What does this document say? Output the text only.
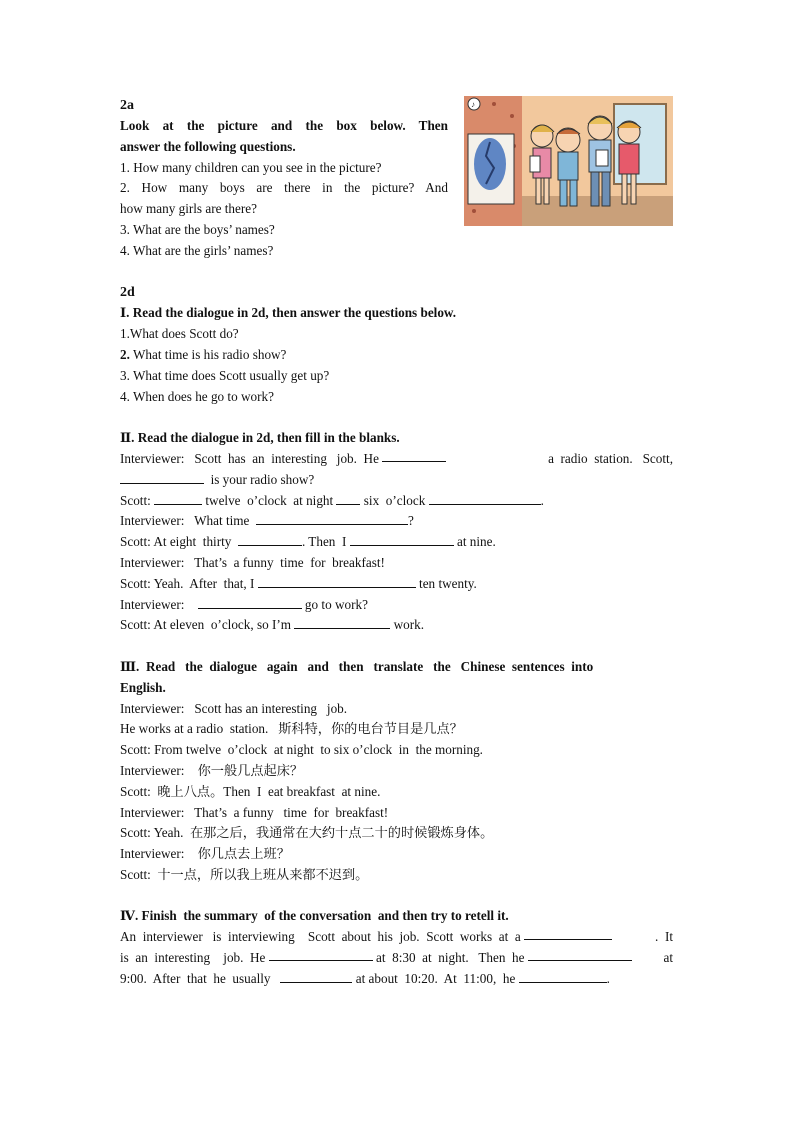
♪
2a
Look at the picture and the box below. Then
answer the following questions.
1. How many children can you see in the picture?
2. How many boys are there in the picture? And
how many girls are there?
3. What are the boys’ names?
4. What are the girls’ names?
2d
Ⅰ. Read the dialogue in 2d, then answer the questions below.
1.What does Scott do?
2. What time is his radio show?
3. What time does Scott usually get up?
4. When does he go to work?
Ⅱ. Read the dialogue in 2d, then fill in the blanks.
Interviewer:   Scott  has  an  interesting   job.  He	a  radio  station.   Scott,
is your radio show?
Scott:	twelve  o’clock  at night  six  o’clock	.
Interviewer:   What time	?
Scott: At eight  thirty	. Then  I	at nine.
Interviewer:   That’s  a funny  time  for  breakfast!
Scott: Yeah.  After  that, I	ten twenty.
Interviewer:	go to work?
Scott: At eleven  o’clock, so I’m	work.
Ⅲ.  Read   the  dialogue   again   and   then   translate   the   Chinese  sentences  into
English.
Interviewer:   Scott has an interesting   job.
He works at a radio  station.   斯科特，你的电台节目是几点？
Scott: From twelve  o’clock  at night  to six o’clock  in  the morning.
Interviewer:    你一般几点起床？
Scott:  晚上八点。Then  I  eat breakfast  at nine.
Interviewer:   That’s  a funny   time  for  breakfast!
Scott: Yeah.  在那之后，我通常在大约十点二十的时候锻炼身体。
Interviewer:    你几点去上班？
Scott:  十一点，所以我上班从来都不迟到。
Ⅳ. Finish  the summary  of the conversation  and then try to retell it.
An  interviewer   is  interviewing    Scott  about  his  job.  Scott  works  at  a	.  It
is  an  interesting    job.  He	at  8:30  at  night.   Then  he	at
9:00.  After  that  he  usually	at about  10:20.  At  11:00,  he	.
